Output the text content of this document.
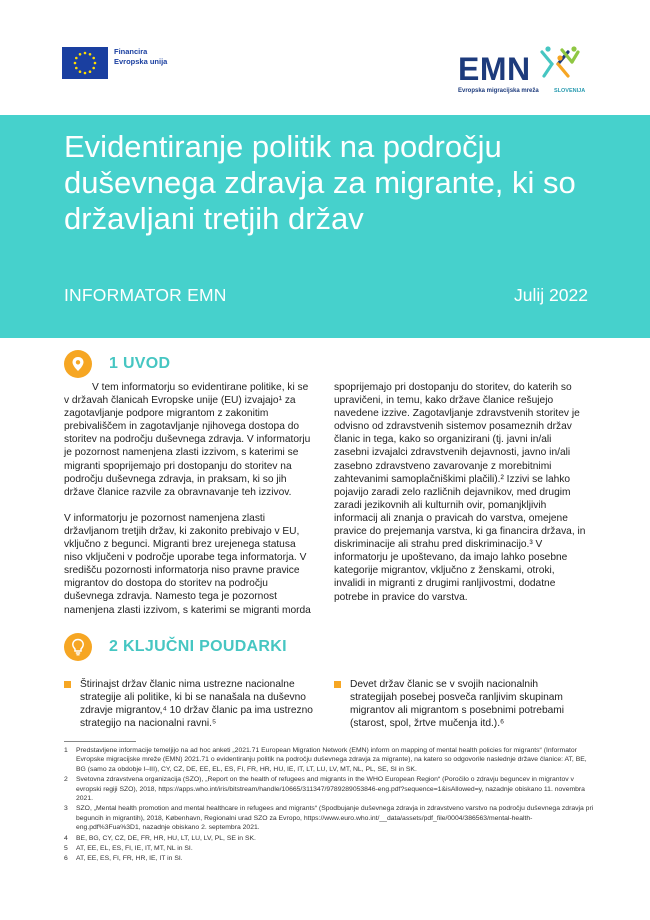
Financira
Evropska unija	EMN
Evropska migracijska mreža	SLOVENIJA
Evidentiranje politik na področju duševnega zdravja za migrante, ki so državljani tretjih držav
INFORMATOR EMN	Julij 2022
1 UVOD

V tem informatorju so evidentirane politike, ki se v državah članicah Evropske unije (EU) izvajajo¹ za zagotavljanje podpore migrantom z zakonitim prebivališčem in zagotavljanje njihovega dostopa do storitev na področju duševnega zdravja. V informatorju je pozornost namenjena zlasti izzivom, s katerimi se migranti spoprijemajo pri dostopanju do storitev na področju duševnega zdravja, in praksam, ki so jih države članice razvile za obravnavanje teh izzivov.

V informatorju je pozornost namenjena zlasti državljanom tretjih držav, ki zakonito prebivajo v EU, vključno z begunci. Migranti brez urejenega statusa niso vključeni v področje uporabe tega informatorja. V središču pozornosti informatorja niso pravne pravice migrantov do dostopa do storitev na področju duševnega zdravja. Namesto tega je pozornost namenjena zlasti izzivom, s katerimi se migranti morda

spoprijemajo pri dostopanju do storitev, do katerih so upravičeni, in temu, kako države članice rešujejo navedene izzive. Zagotavljanje zdravstvenih storitev je odvisno od zdravstvenih sistemov posameznih držav članic in tega, kako so organizirani (tj. javni in/ali zasebni izvajalci zdravstvenih dejavnosti, javno in/ali zasebno zdravstveno zavarovanje z morebitnimi zahtevanimi samoplačniškimi plačili).² Izzivi se lahko pojavijo zaradi zelo različnih dejavnikov, med drugim zaradi jezikovnih ali kulturnih ovir, pomanjkljivih informacij ali znanja o pravicah do varstva, omejene pravice do prejemanja varstva, ki ga financira država, in diskriminacije ali strahu pred diskriminacijo.³ V informatorju je upoštevano, da imajo lahko posebne kategorije migrantov, vključno z ženskami, otroki, invalidi in migranti z drugimi ranljivostmi, dodatne potrebe in pravice do varstva.

2 KLJUČNI POUDARKI
Štirinajst držav članic nima ustrezne nacionalne strategije ali politike, ki bi se nanašala na duševno zdravje migrantov,⁴ 10 držav članic pa ima ustrezno strategijo na nacionalni ravni.⁵
Devet držav članic se v svojih nacionalnih strategijah posebej posveča ranljivim skupinam migrantov ali migrantom s posebnimi potrebami (starost, spol, žrtve mučenja itd.).⁶
1	Predstavljene informacije temeljijo na ad hoc anketi „2021.71 European Migration Network (EMN) inform on mapping of mental health policies for migrants“ (Informator Evropske migracijske mreže (EMN) 2021.71 o evidentiranju politik na področju duševnega zdravja za migrante), na katero so odgovorile naslednje države članice: AT, BE, BG (samo za obdobje I–III), CY, CZ, DE, EE, EL, ES, FI, FR, HR, HU, IE, IT, LT, LU, LV, MT, NL, PL, SE, SI in SK.
2	Svetovna zdravstvena organizacija (SZO), „Report on the health of refugees and migrants in the WHO European Region“ (Poročilo o zdravju beguncev in migrantov v evropski regiji SZO), 2018, https://apps.who.int/iris/bitstream/handle/10665/311347/9789289053846-eng.pdf?sequence=1&isAllowed=y, nazadnje obiskano 11. novembra 2021.
3	SZO, „Mental health promotion and mental healthcare in refugees and migrants“ (Spodbujanje duševnega zdravja in zdravstveno varstvo na področju duševnega zdravja pri beguncih in migrantih), 2018, København, Regionalni urad SZO za Evropo, https://www.euro.who.int/__data/assets/pdf_file/0004/386563/mental-health-eng.pdf%3Fua%3D1, nazadnje obiskano 2. septembra 2021.
4	BE, BG, CY, CZ, DE, FR, HR, HU, LT, LU, LV, PL, SE in SK.
5	AT, EE, EL, ES, FI, IE, IT, MT, NL in SI.
6	AT, EE, ES, FI, FR, HR, IE, IT in SI.
